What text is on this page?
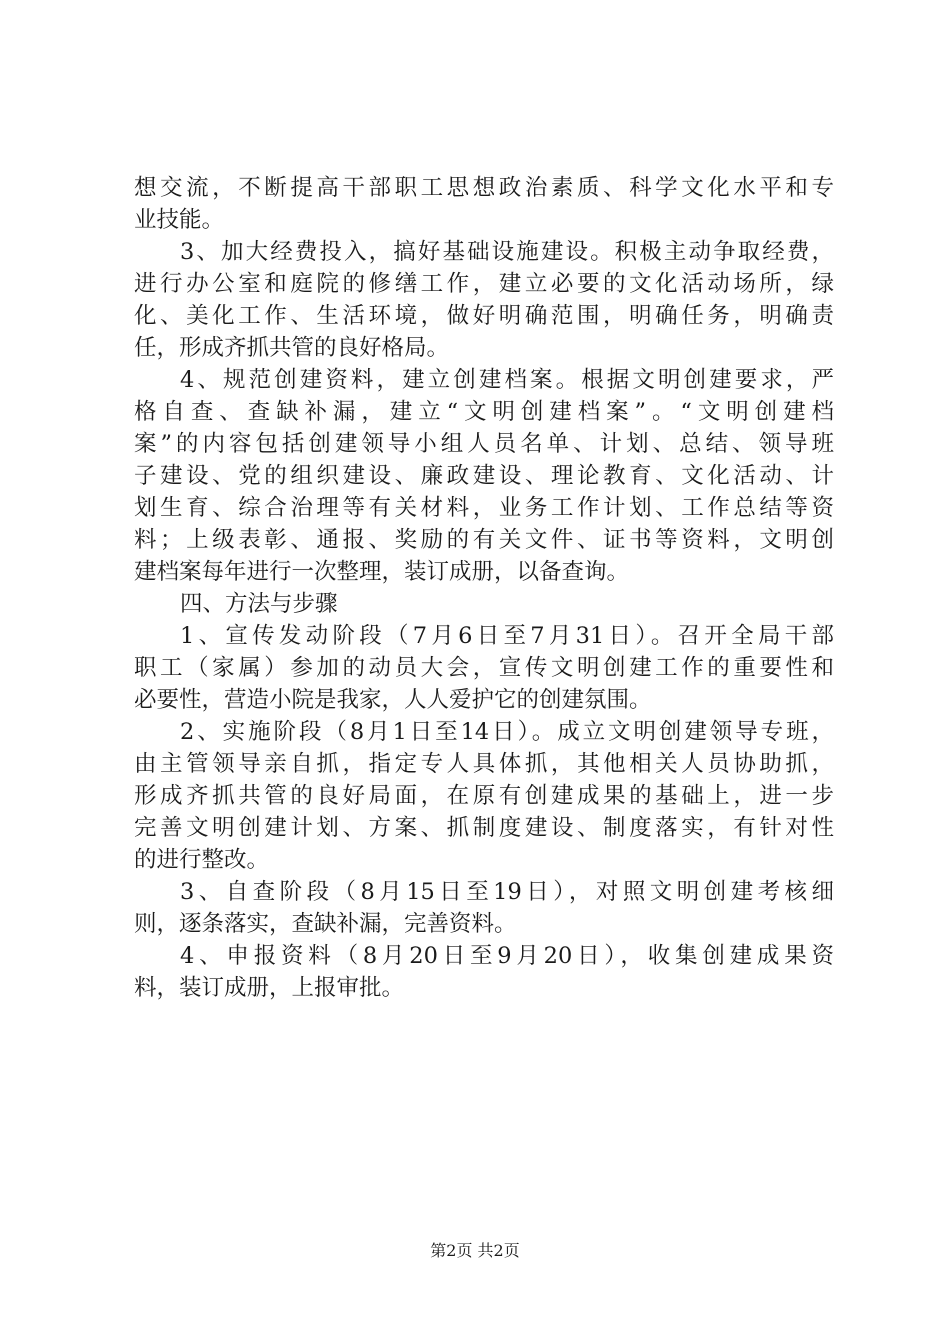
想交流，不断提高干部职工思想政治素质、科学文化水平和专
业技能。
3、加大经费投入，搞好基础设施建设。积极主动争取经费，
进行办公室和庭院的修缮工作，建立必要的文化活动场所，绿
化、美化工作、生活环境，做好明确范围，明确任务，明确责
任，形成齐抓共管的良好格局。
4、规范创建资料，建立创建档案。根据文明创建要求，严
格自查、查缺补漏，建立“文明创建档案”。“文明创建档
案”的内容包括创建领导小组人员名单、计划、总结、领导班
子建设、党的组织建设、廉政建设、理论教育、文化活动、计
划生育、综合治理等有关材料，业务工作计划、工作总结等资
料；上级表彰、通报、奖励的有关文件、证书等资料，文明创
建档案每年进行一次整理，装订成册，以备查询。
四、方法与步骤
1、宣传发动阶段（7月6日至7月31日）。召开全局干部
职工（家属）参加的动员大会，宣传文明创建工作的重要性和
必要性，营造小院是我家，人人爱护它的创建氛围。
2、实施阶段（8月1日至14日）。成立文明创建领导专班，
由主管领导亲自抓，指定专人具体抓，其他相关人员协助抓，
形成齐抓共管的良好局面，在原有创建成果的基础上，进一步
完善文明创建计划、方案、抓制度建设、制度落实，有针对性
的进行整改。
3、自查阶段（8月15日至19日），对照文明创建考核细
则，逐条落实，查缺补漏，完善资料。
4、申报资料（8月20日至9月20日），收集创建成果资
料，装订成册，上报审批。
第2页 共2页
